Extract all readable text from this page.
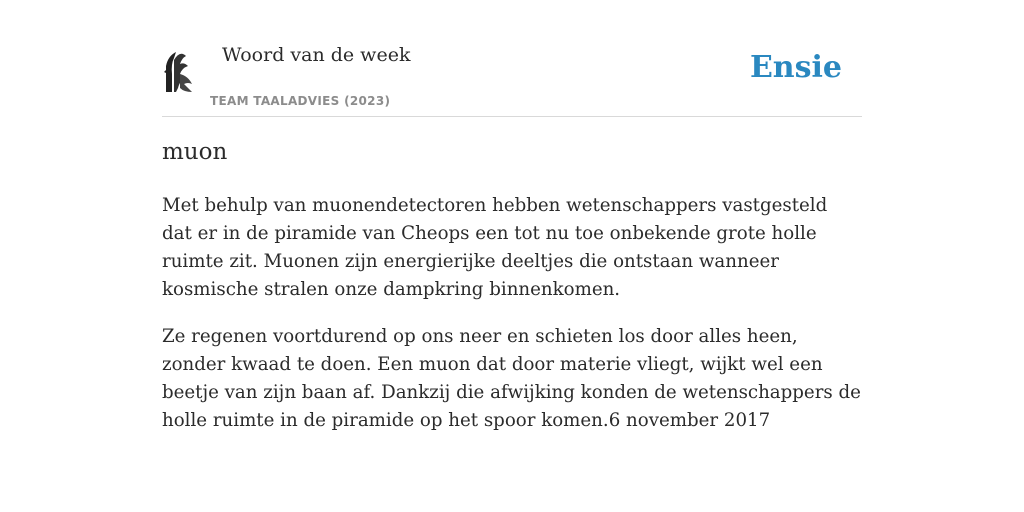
Woord van de week
TEAM TAALADVIES (2023)
Ensie
muon

Met behulp van muonendetectoren hebben wetenschappers vastgesteld dat er in de piramide van Cheops een tot nu toe onbekende grote holle ruimte zit. Muonen zijn energierijke deeltjes die ontstaan wanneer kosmische stralen onze dampkring binnenkomen.

Ze regenen voortdurend op ons neer en schieten los door alles heen, zonder kwaad te doen. Een muon dat door materie vliegt, wijkt wel een beetje van zijn baan af. Dankzij die afwijking konden de wetenschappers de holle ruimte in de piramide op het spoor komen.6 november 2017
